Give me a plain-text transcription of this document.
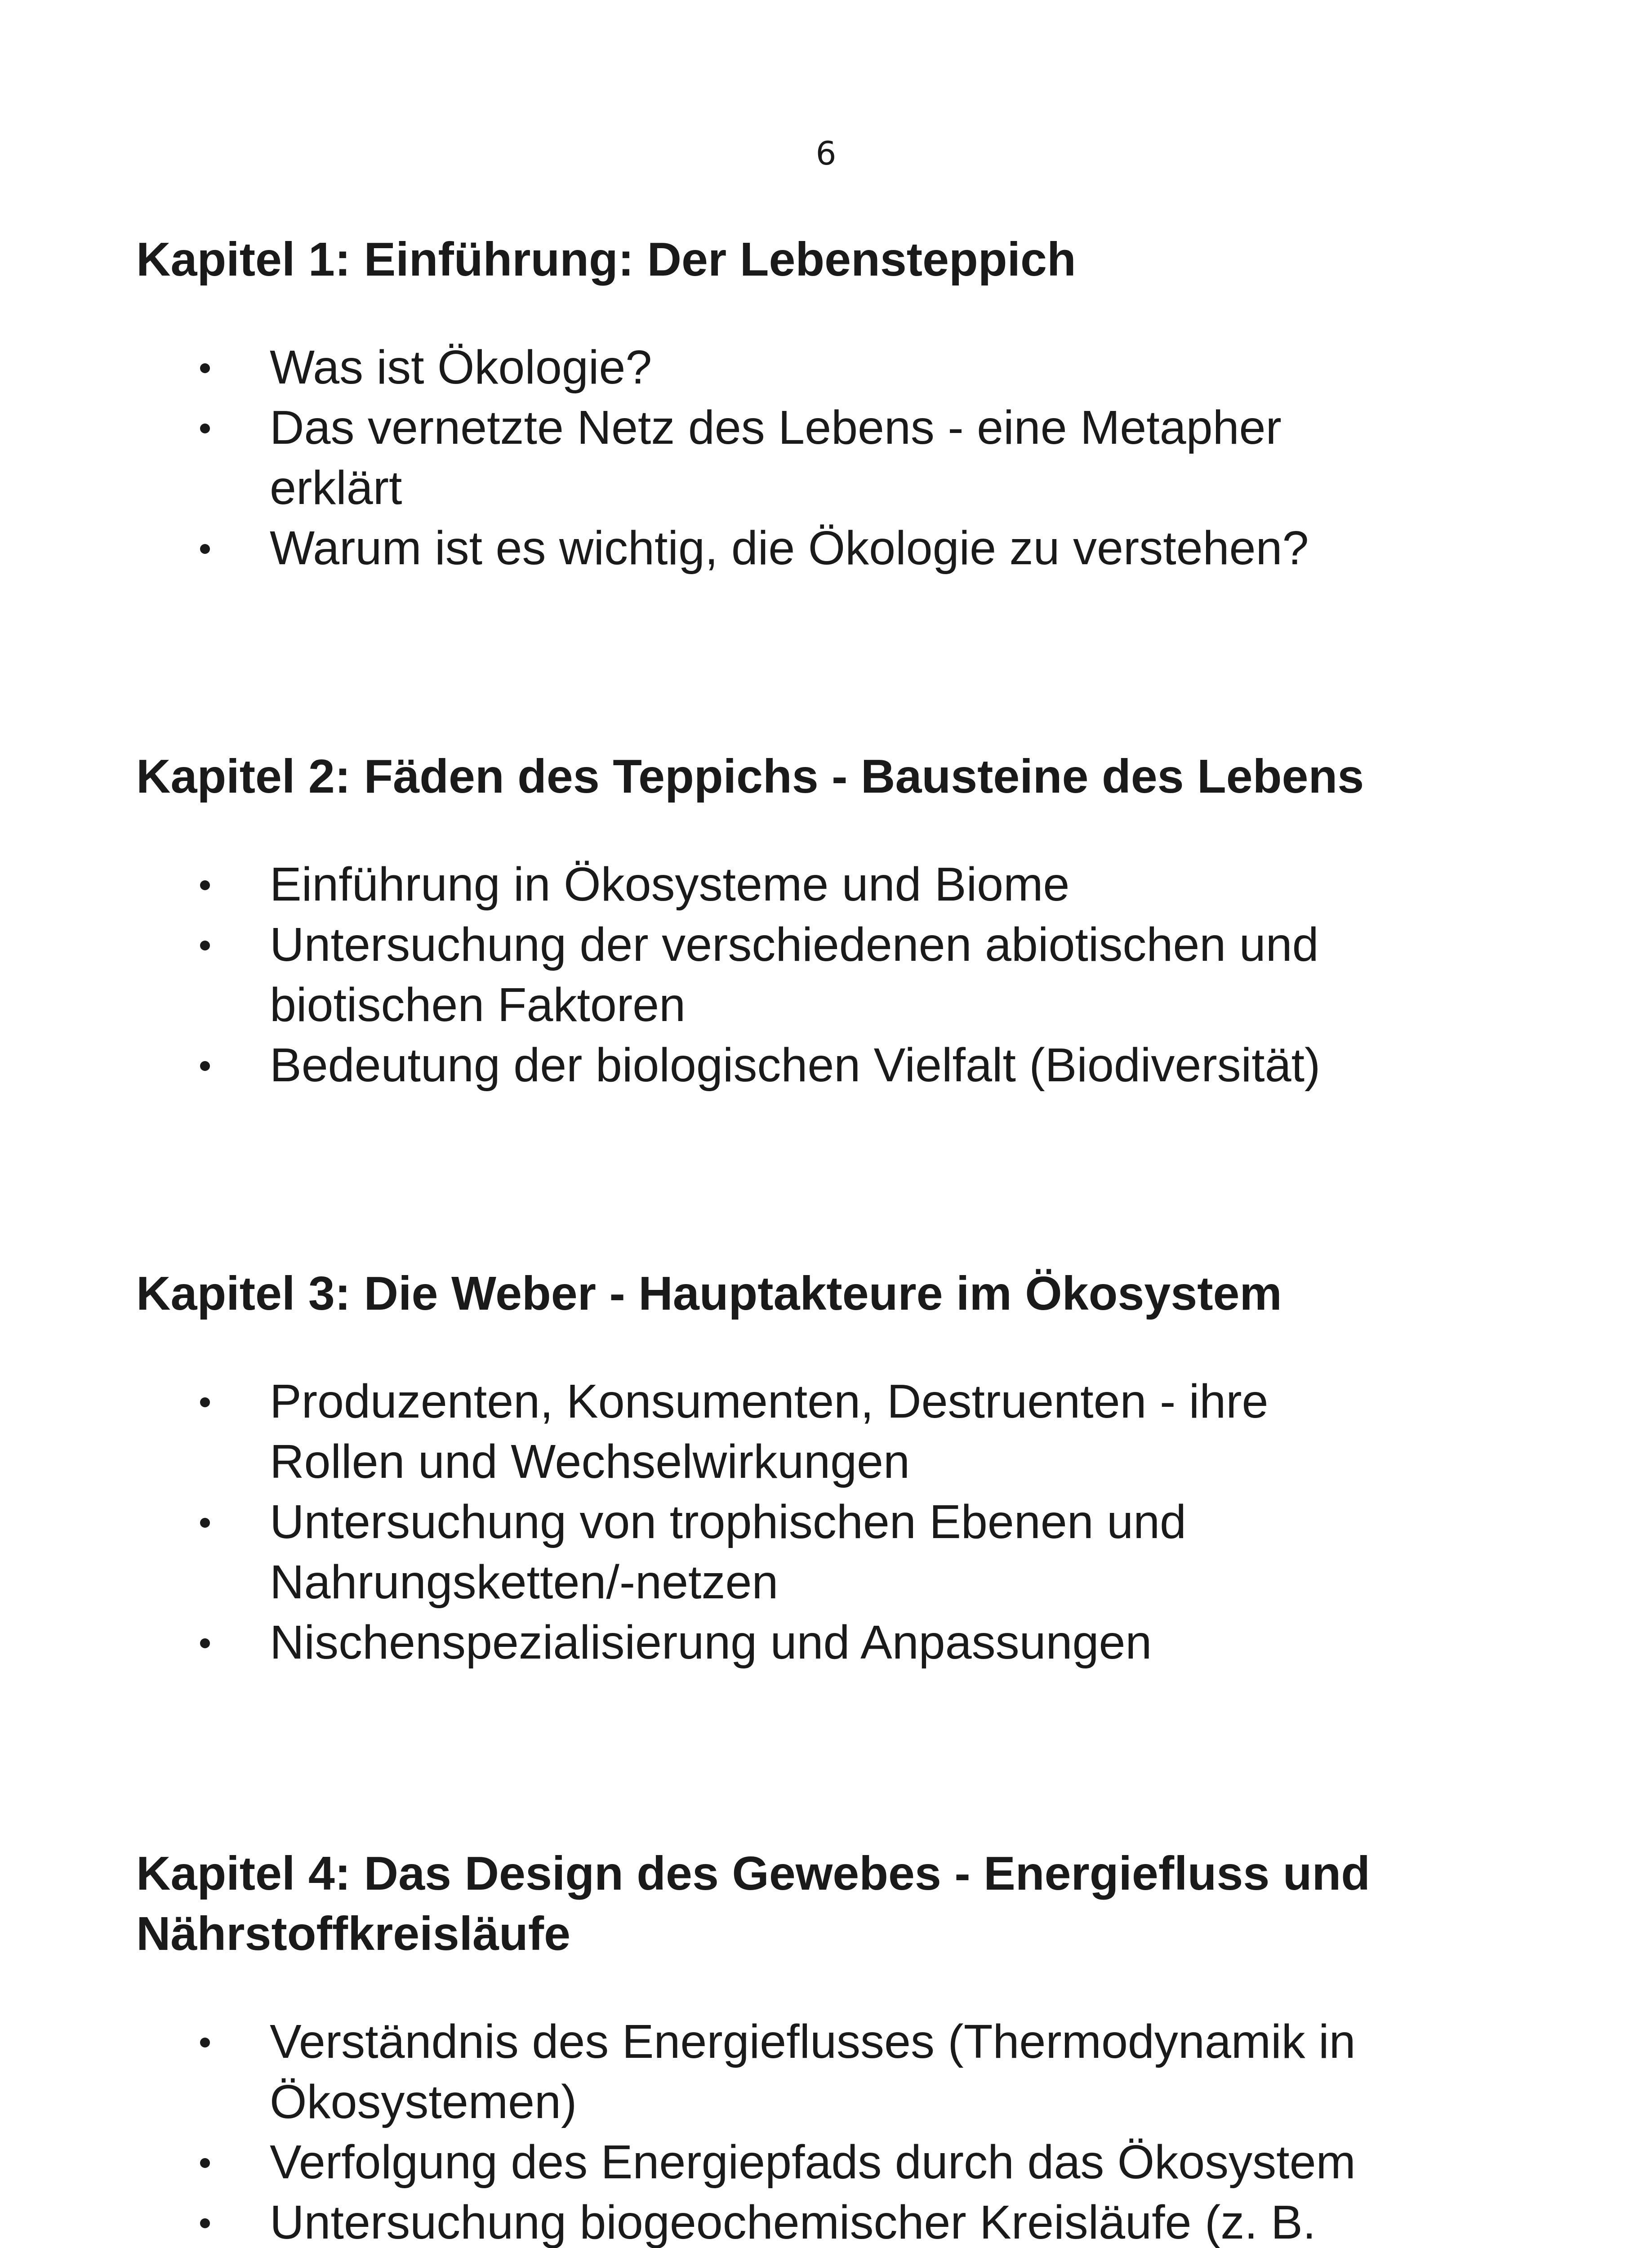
6
Kapitel 1: Einführung: Der Lebensteppich
Was ist Ökologie?
Das vernetzte Netz des Lebens - eine Metapher erklärt
Warum ist es wichtig, die Ökologie zu verstehen?
Kapitel 2: Fäden des Teppichs - Bausteine des Lebens
Einführung in Ökosysteme und Biome
Untersuchung der verschiedenen abiotischen und biotischen Faktoren
Bedeutung der biologischen Vielfalt (Biodiversität)
Kapitel 3: Die Weber - Hauptakteure im Ökosystem
Produzenten, Konsumenten, Destruenten - ihre Rollen und Wechselwirkungen
Untersuchung von trophischen Ebenen und Nahrungsketten/-netzen
Nischenspezialisierung und Anpassungen
Kapitel 4: Das Design des Gewebes - Energiefluss und Nährstoffkreisläufe
Verständnis des Energieflusses (Thermodynamik in Ökosystemen)
Verfolgung des Energiepfads durch das Ökosystem
Untersuchung biogeochemischer Kreisläufe (z. B.
